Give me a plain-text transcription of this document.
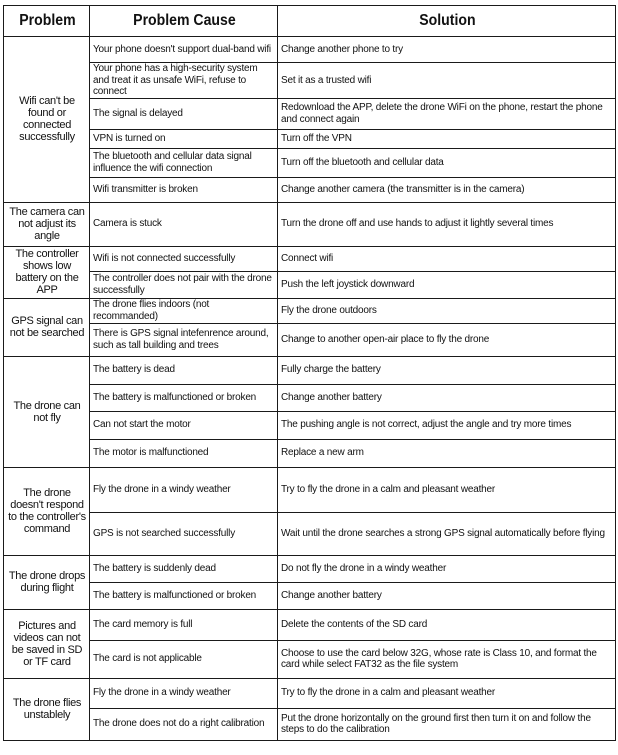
Problem	Problem Cause	Solution
Wifi can't be found or connected successfully	Your phone doesn't support dual-band wifi	Change another phone to try
	Your phone has a high-security system and treat it as unsafe WiFi, refuse to connect	Set it as a trusted wifi
	The signal is delayed	Redownload the APP, delete the drone WiFi on the phone, restart the phone and connect again
	VPN is turned on	Turn off the VPN
	The bluetooth and cellular data signal influence the wifi connection	Turn off the bluetooth and cellular data
	Wifi transmitter is broken	Change another camera (the transmitter is in the camera)
The camera can not adjust its angle	Camera is stuck	Turn the drone off and use hands to adjust it lightly several times
The controller shows low battery on the APP	Wifi is not connected successfully	Connect wifi
	The controller does not pair with the drone successfully	Push the left joystick downward
GPS signal can not be searched	The drone flies indoors (not recommanded)	Fly the drone outdoors
	There is GPS signal intefenrence around, such as tall building and trees	Change to another open-air place to fly the drone
The drone can not fly	The battery is dead	Fully charge the battery
	The battery is malfunctioned or broken	Change another battery
	Can not start the motor	The pushing angle is not correct, adjust the angle and try more times
	The motor is malfunctioned	Replace a new arm
The drone doesn't respond to the controller's command	Fly the drone in a windy weather	Try to fly the drone in a calm and pleasant weather
	GPS is not searched successfully	Wait until the drone searches a strong GPS signal automatically before flying
The drone drops during flight	The battery is suddenly dead	Do not fly the drone in a windy weather
	The battery is malfunctioned or broken	Change another battery
Pictures and videos can not be saved in SD or TF card	The card memory is full	Delete the contents of the SD card
	The card is not applicable	Choose to use the card below 32G, whose rate is Class 10, and format the card while select FAT32 as the file system
The drone flies unstablely	Fly the drone in a windy weather	Try to fly the drone in a calm and pleasant weather
	The drone does not do a right calibration	Put the drone horizontally on the ground first then turn it on and follow the steps to do the calibration
